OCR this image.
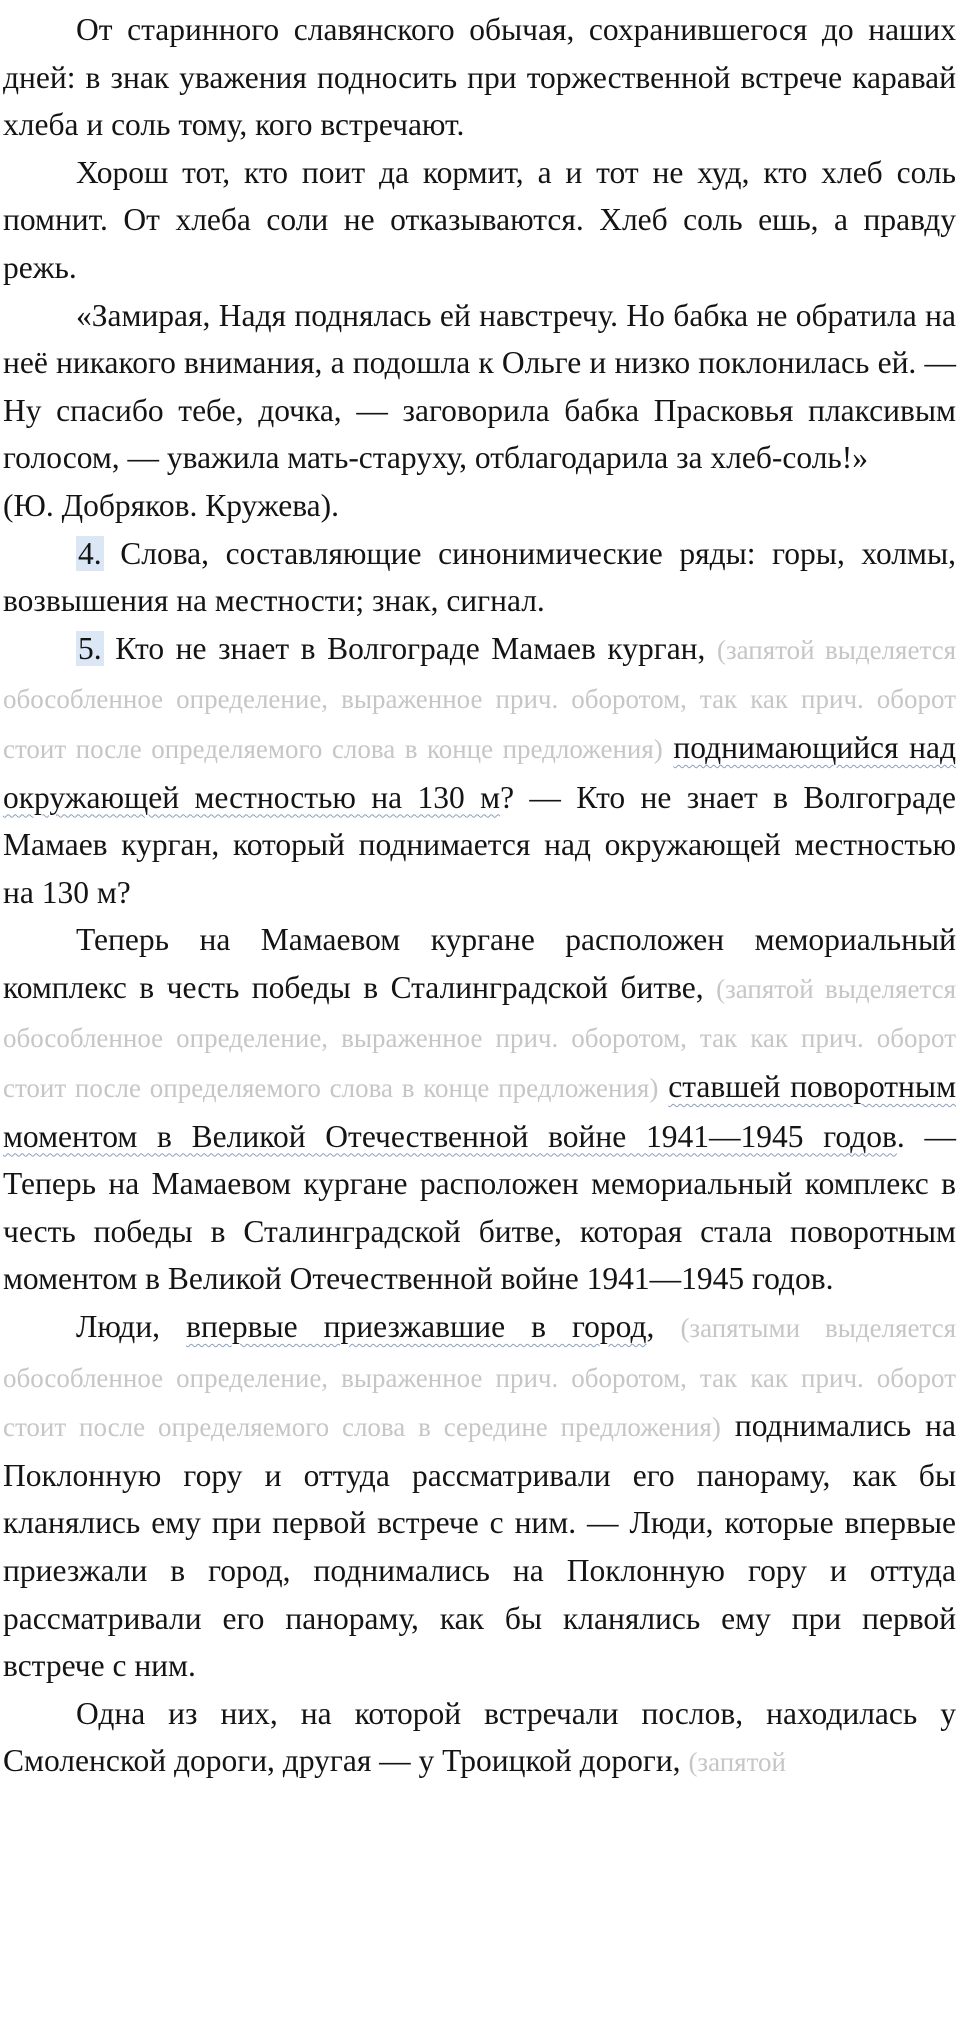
От старинного славянского обычая, сохранившегося до наших дней: в знак уважения подносить при торжественной встрече каравай хлеба и соль тому, кого встречают.

Хорош тот, кто поит да кормит, а и тот не худ, кто хлеб соль помнит. От хлеба соли не отказываются. Хлеб соль ешь, а правду режь.

«Замирая, Надя поднялась ей навстречу. Но бабка не обратила на неё никакого внимания, а подошла к Ольге и низко поклонилась ей. — Ну спасибо тебе, дочка, — заговорила бабка Прасковья плаксивым голосом, — уважила мать-старуху, отблагодарила за хлеб-соль!»

(Ю. Добряков. Кружева).

4. Слова, составляющие синонимические ряды: горы, холмы, возвышения на местности; знак, сигнал.

5. Кто не знает в Волгограде Мамаев курган, (запятой выделяется обособленное определение, выраженное прич. оборотом, так как прич. оборот стоит после определяемого слова в конце предложения) поднимающийся над окружающей местностью на 130 м? — Кто не знает в Волгограде Мамаев курган, который поднимается над окружающей местностью на 130 м?

Теперь на Мамаевом кургане расположен мемориальный комплекс в честь победы в Сталинградской битве, (запятой выделяется обособленное определение, выраженное прич. оборотом, так как прич. оборот стоит после определяемого слова в конце предложения) ставшей поворотным моментом в Великой Отечественной войне 1941—1945 годов. — Теперь на Мамаевом кургане расположен мемориальный комплекс в честь победы в Сталинградской битве, которая стала поворотным моментом в Великой Отечественной войне 1941—1945 годов.

Люди, впервые приезжавшие в город, (запятыми выделяется обособленное определение, выраженное прич. оборотом, так как прич. оборот стоит после определяемого слова в середине предложения) поднимались на Поклонную гору и оттуда рассматривали его панораму, как бы кланялись ему при первой встрече с ним. — Люди, которые впервые приезжали в город, поднимались на Поклонную гору и оттуда рассматривали его панораму, как бы кланялись ему при первой встрече с ним.

Одна из них, на которой встречали послов, находилась у Смоленской дороги, другая — у Троицкой дороги, (запятой
